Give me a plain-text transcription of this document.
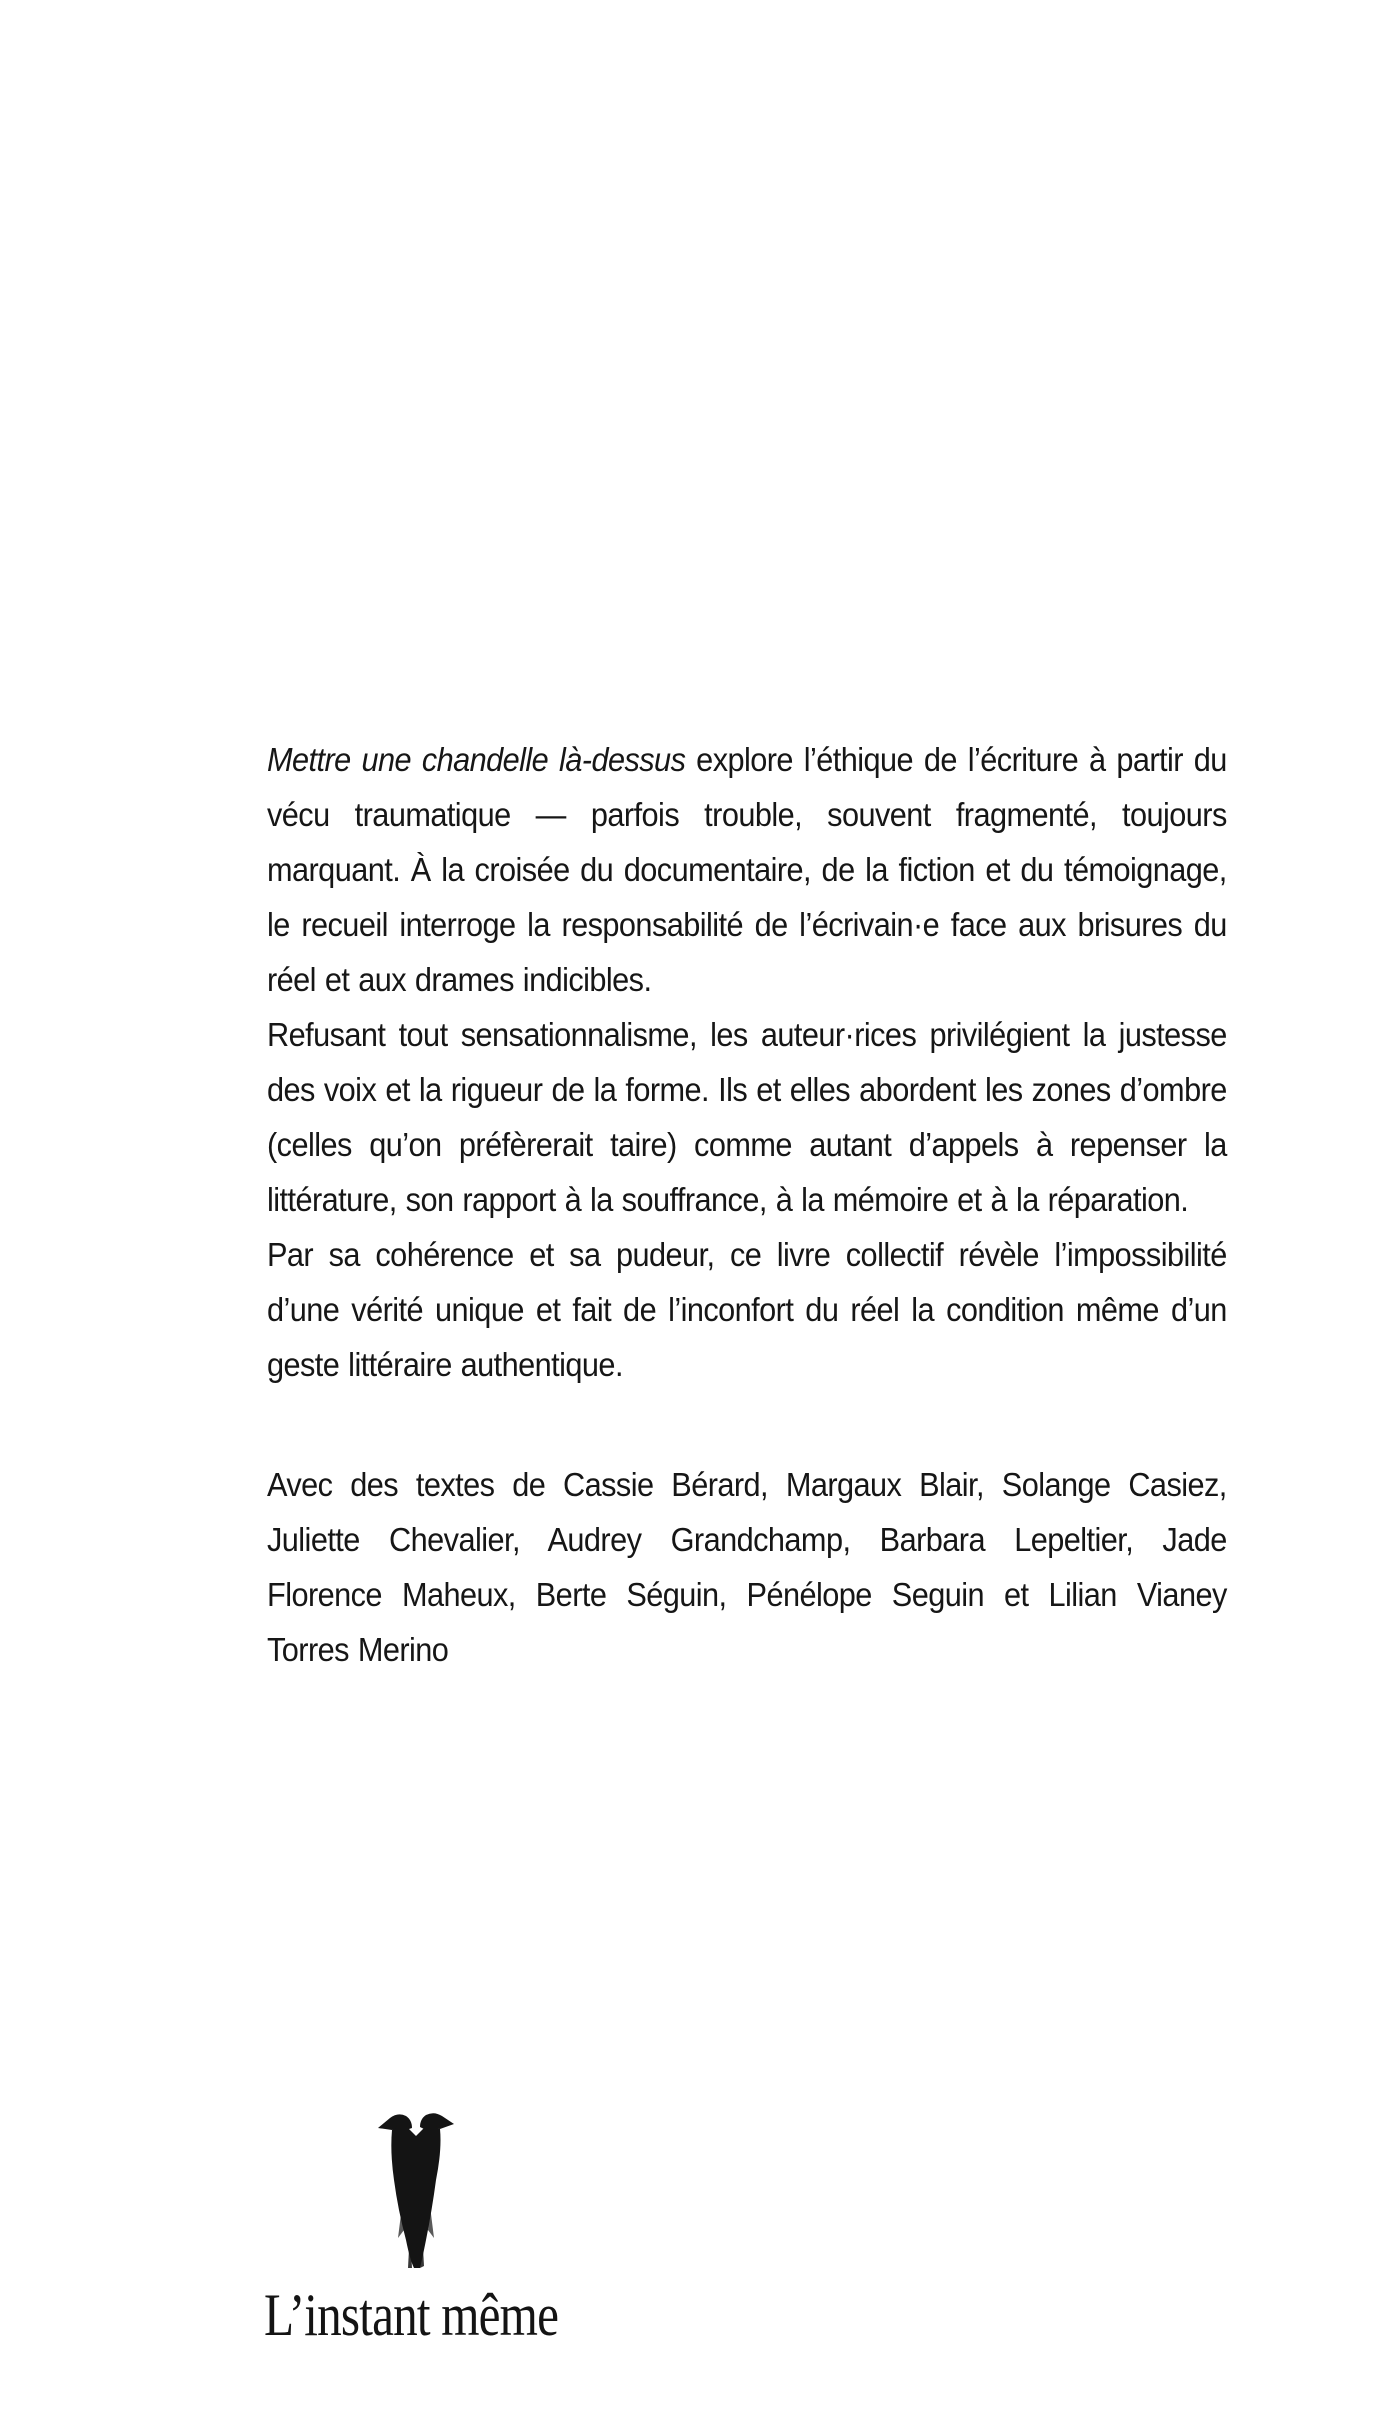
Mettre une chandelle là-dessus explore l’éthique de l’écriture à partir du vécu traumatique — parfois trouble, souvent fragmenté, toujours marquant. À la croisée du documentaire, de la fiction et du témoignage, le recueil interroge la responsabilité de l’écrivain·e face aux brisures du réel et aux drames indicibles.

Refusant tout sensationnalisme, les auteur·rices privilégient la justesse des voix et la rigueur de la forme. Ils et elles abordent les zones d’ombre (celles qu’on préfèrerait taire) comme autant d’appels à repenser la littérature, son rapport à la souffrance, à la mémoire et à la réparation.

Par sa cohérence et sa pudeur, ce livre collectif révèle l’impossibilité d’une vérité unique et fait de l’inconfort du réel la condition même d’un geste littéraire authentique.

Avec des textes de Cassie Bérard, Margaux Blair, Solange Casiez, Juliette Chevalier, Audrey Grandchamp, Barbara Lepeltier, Jade Florence Maheux, Berte Séguin, Pénélope Seguin et Lilian Vianey Torres Merino

L’instant même
